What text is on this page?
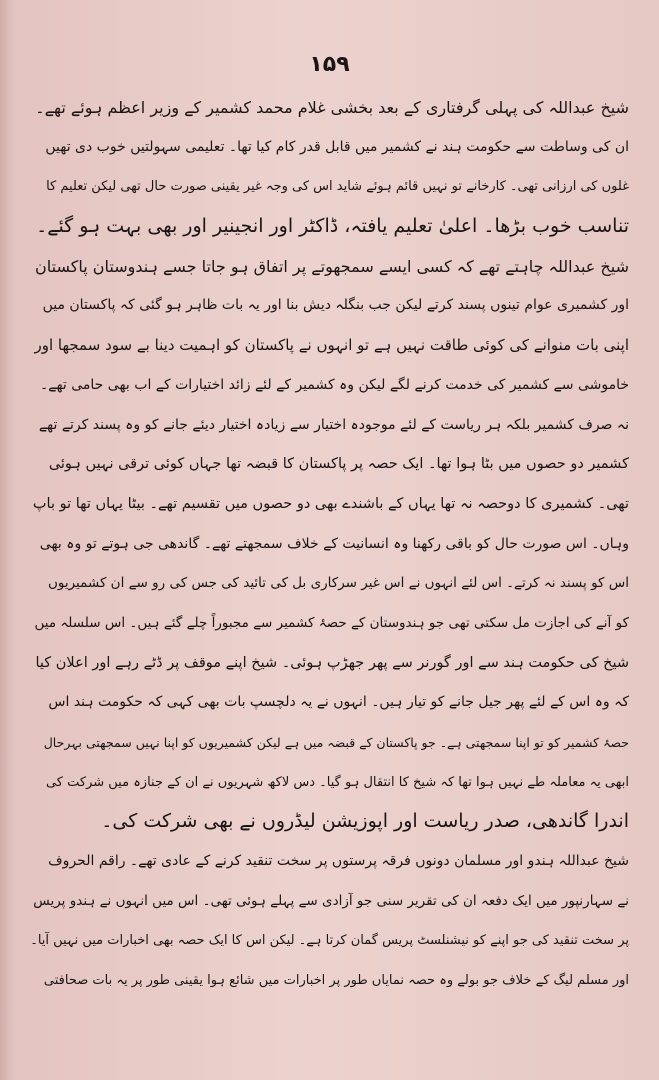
۱۵۹
شیخ عبداللہ کی پہلی گرفتاری کے بعد بخشی غلام محمد کشمیر کے وزیر اعظم ہوئے تھے۔
ان کی وساطت سے حکومت ہند نے کشمیر میں قابل قدر کام کیا تھا۔ تعلیمی سہولتیں خوب دی تھیں
غلوں کی ارزانی تھی۔ کارخانے تو نہیں قائم ہوئے شاید اس کی وجہ غیر یقینی صورت حال تھی لیکن تعلیم کا
تناسب خوب بڑھا۔ اعلیٰ تعلیم یافتہ، ڈاکٹر اور انجینیر اور بھی بہت ہو گئے۔
شیخ عبداللہ چاہتے تھے کہ کسی ایسے سمجھوتے پر اتفاق ہو جاتا جسے ہندوستان پاکستان
اور کشمیری عوام تینوں پسند کرتے لیکن جب بنگلہ دیش بنا اور یہ بات ظاہر ہو گئی کہ پاکستان میں
اپنی بات منوانے کی کوئی طاقت نہیں ہے تو انہوں نے پاکستان کو اہمیت دینا بے سود سمجھا اور
خاموشی سے کشمیر کی خدمت کرنے لگے لیکن وہ کشمیر کے لئے زائد اختیارات کے اب بھی حامی تھے۔
نہ صرف کشمیر بلکہ ہر ریاست کے لئے موجودہ اختیار سے زیادہ اختیار دیئے جانے کو وہ پسند کرتے تھے
کشمیر دو حصوں میں بٹا ہوا تھا۔ ایک حصہ پر پاکستان کا قبضہ تھا جہاں کوئی ترقی نہیں ہوئی
تھی۔ کشمیری کا دوحصہ نہ تھا یہاں کے باشندے بھی دو حصوں میں تقسیم تھے۔ بیٹا یہاں تھا تو باپ
وہاں۔ اس صورت حال کو باقی رکھنا وہ انسانیت کے خلاف سمجھتے تھے۔ گاندھی جی ہوتے تو وہ بھی
اس کو پسند نہ کرتے۔ اس لئے انہوں نے اس غیر سرکاری بل کی تائید کی جس کی رو سے ان کشمیریوں
کو آنے کی اجازت مل سکتی تھی جو ہندوستان کے حصۂ کشمیر سے مجبوراً چلے گئے ہیں۔ اس سلسلہ میں
شیخ کی حکومت ہند سے اور گورنر سے پھر جھڑپ ہوئی۔ شیخ اپنے موقف پر ڈٹے رہے اور اعلان کیا
کہ وہ اس کے لئے پھر جیل جانے کو تیار ہیں۔ انہوں نے یہ دلچسپ بات بھی کہی کہ حکومت ہند اس
حصۂ کشمیر کو تو اپنا سمجھتی ہے۔ جو پاکستان کے قبضہ میں ہے لیکن کشمیریوں کو اپنا نہیں سمجھتی بہرحال
ابھی یہ معاملہ طے نہیں ہوا تھا کہ شیخ کا انتقال ہو گیا۔ دس لاکھ شہریوں نے ان کے جنازہ میں شرکت کی
اندرا گاندھی، صدر ریاست اور اپوزیشن لیڈروں نے بھی شرکت کی۔
شیخ عبداللہ ہندو اور مسلمان دونوں فرقہ پرستوں پر سخت تنقید کرنے کے عادی تھے۔ راقم الحروف
نے سہارنپور میں ایک دفعہ ان کی تقریر سنی جو آزادی سے پہلے ہوئی تھی۔ اس میں انہوں نے ہندو پریس
پر سخت تنقید کی جو اپنے کو نیشنلسٹ پریس گمان کرتا ہے۔ لیکن اس کا ایک حصہ بھی اخبارات میں نہیں آیا۔
اور مسلم لیگ کے خلاف جو بولے وہ حصہ نمایاں طور پر اخبارات میں شائع ہوا یقینی طور پر یہ بات صحافتی
